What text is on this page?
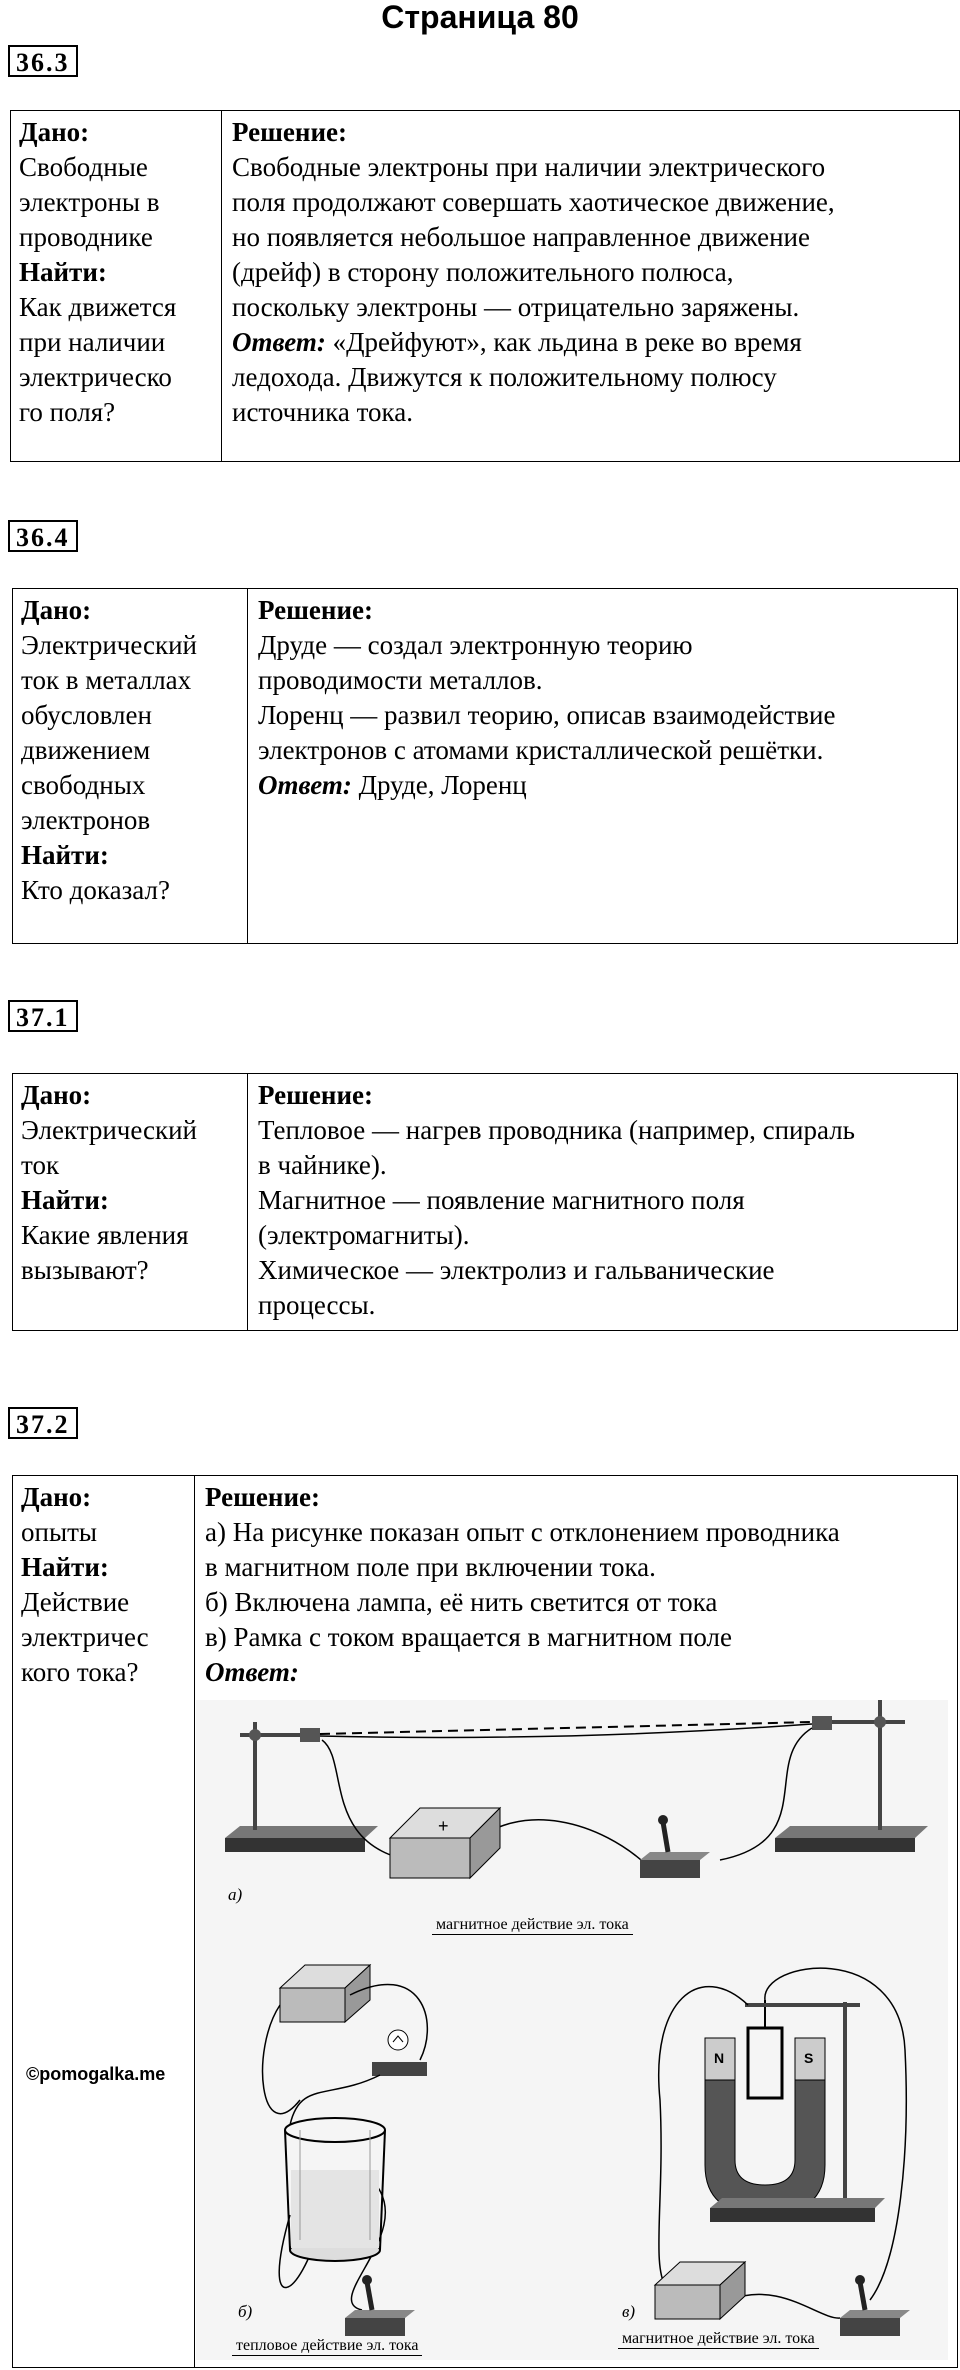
Страница 80
36.3
Дано:
Свободные
электроны в
проводнике
Найти:
Как движется
при наличии
электрическо
го поля?
Решение:
Свободные электроны при наличии электрического
поля продолжают совершать хаотическое движение,
но появляется небольшое направленное движение
(дрейф) в сторону положительного полюса,
поскольку электроны — отрицательно заряжены.
Ответ: «Дрейфуют», как льдина в реке во время
ледохода. Движутся к положительному полюсу
источника тока.
36.4
Дано:
Электрический
ток в металлах
обусловлен
движением
свободных
электронов
Найти:
Кто доказал?
Решение:
Друде — создал электронную теорию
проводимости металлов.
Лоренц — развил теорию, описав взаимодействие
электронов с атомами кристаллической решётки.
Ответ: Друде, Лоренц
37.1
Дано:
Электрический
ток
Найти:
Какие явления
вызывают?
Решение:
Тепловое — нагрев проводника (например, спираль
в чайнике).
Магнитное — появление магнитного поля
(электромагниты).
Химическое — электролиз и гальванические
процессы.
37.2
Дано:
опыты
Найти:
Действие
электричес
кого тока?
Решение:
а) На рисунке показан опыт с отклонением проводника
в магнитном поле при включении тока.
б) Включена лампа, её нить светится от тока
в) Рамка с током вращается в магнитном поле
Ответ:
+
а)
магнитное действие эл. тока
б)
тепловое действие эл. тока
N	S
в)
магнитное действие эл. тока
©pomogalka.me
